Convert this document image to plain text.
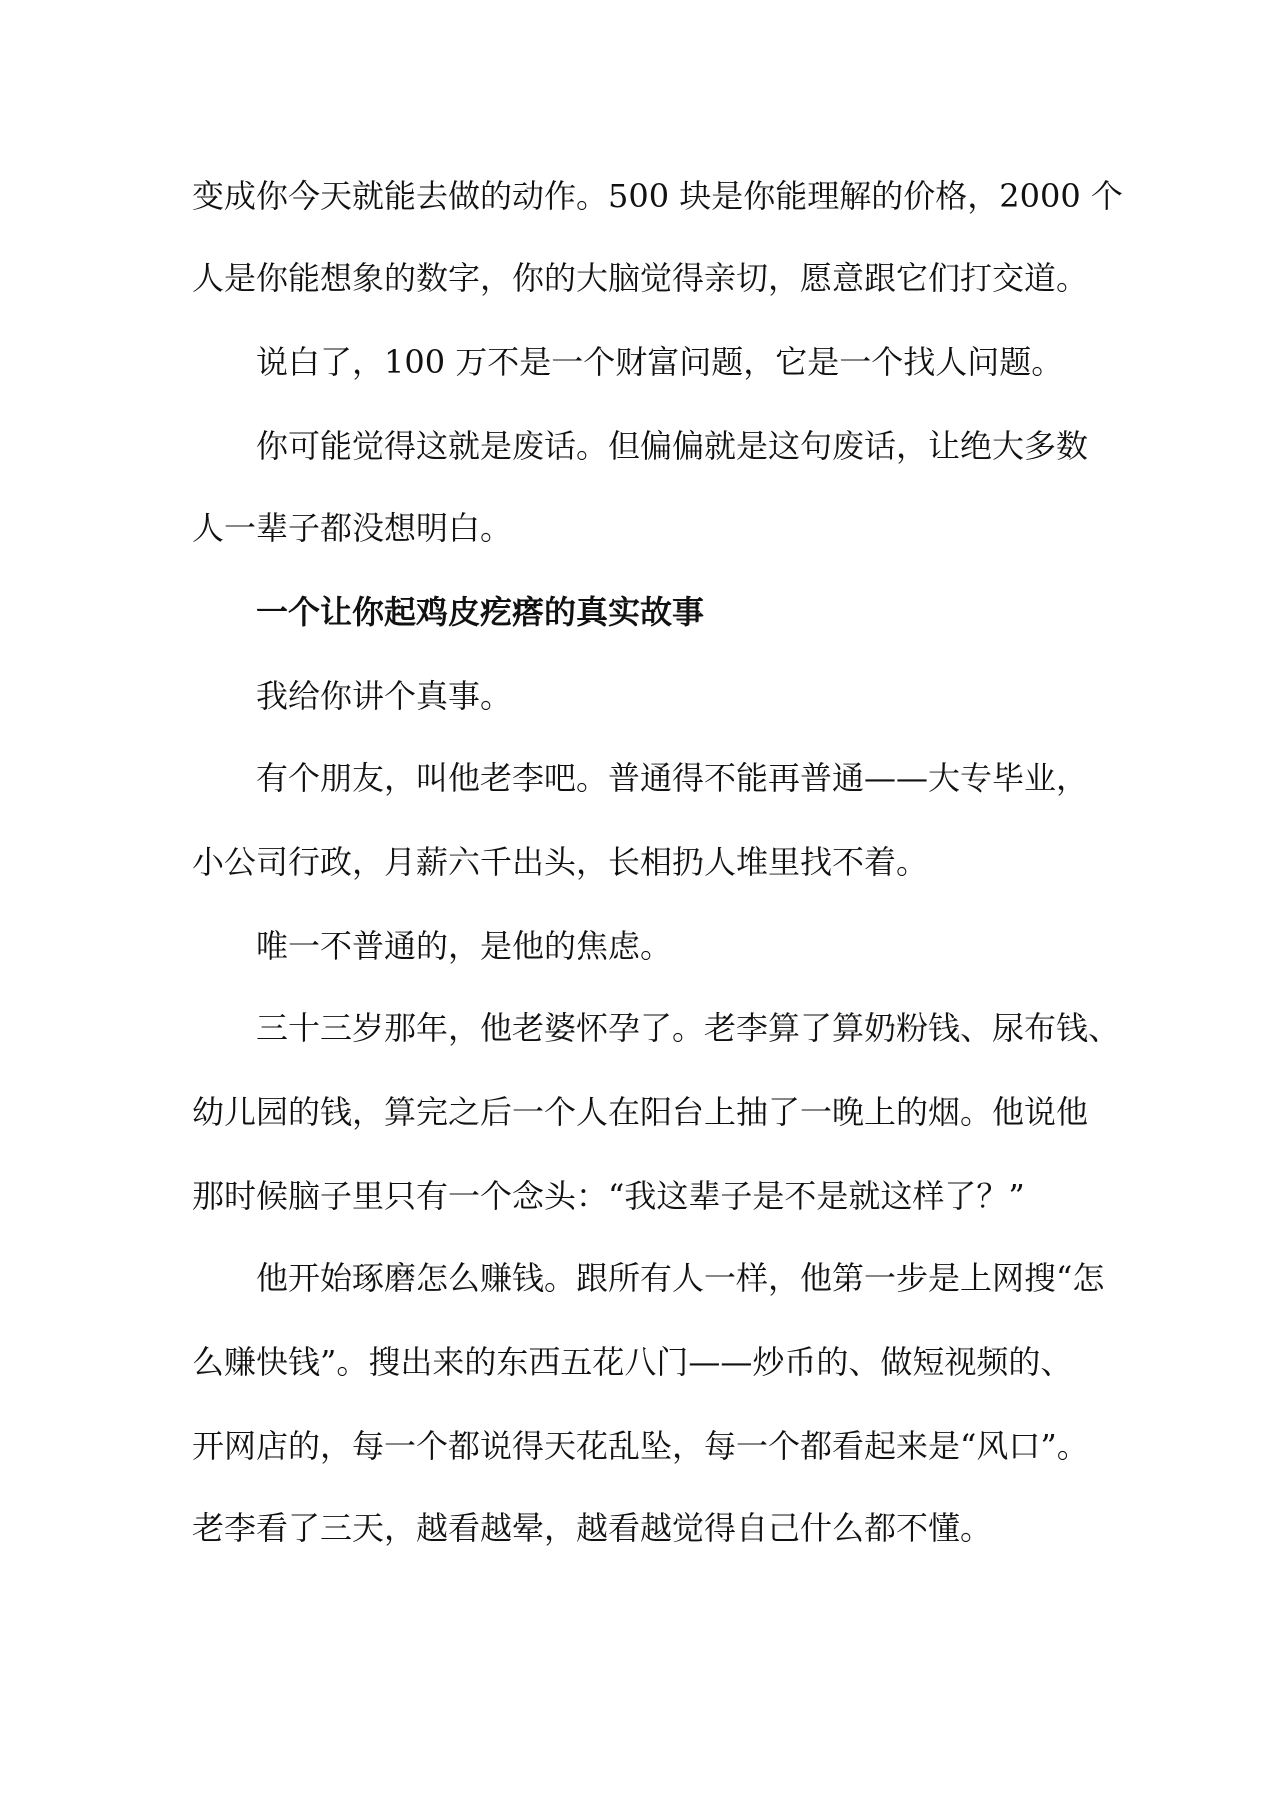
变成你今天就能去做的动作。500 块是你能理解的价格，2000 个
人是你能想象的数字，你的大脑觉得亲切，愿意跟它们打交道。
说白了，100 万不是一个财富问题，它是一个找人问题。
你可能觉得这就是废话。但偏偏就是这句废话，让绝大多数
人一辈子都没想明白。
一个让你起鸡皮疙瘩的真实故事
我给你讲个真事。
有个朋友，叫他老李吧。普通得不能再普通——大专毕业，
小公司行政，月薪六千出头，长相扔人堆里找不着。
唯一不普通的，是他的焦虑。
三十三岁那年，他老婆怀孕了。老李算了算奶粉钱、尿布钱、
幼儿园的钱，算完之后一个人在阳台上抽了一晚上的烟。他说他
那时候脑子里只有一个念头：“我这辈子是不是就这样了？”
他开始琢磨怎么赚钱。跟所有人一样，他第一步是上网搜“怎
么赚快钱”。搜出来的东西五花八门——炒币的、做短视频的、
开网店的，每一个都说得天花乱坠，每一个都看起来是“风口”。
老李看了三天，越看越晕，越看越觉得自己什么都不懂。
